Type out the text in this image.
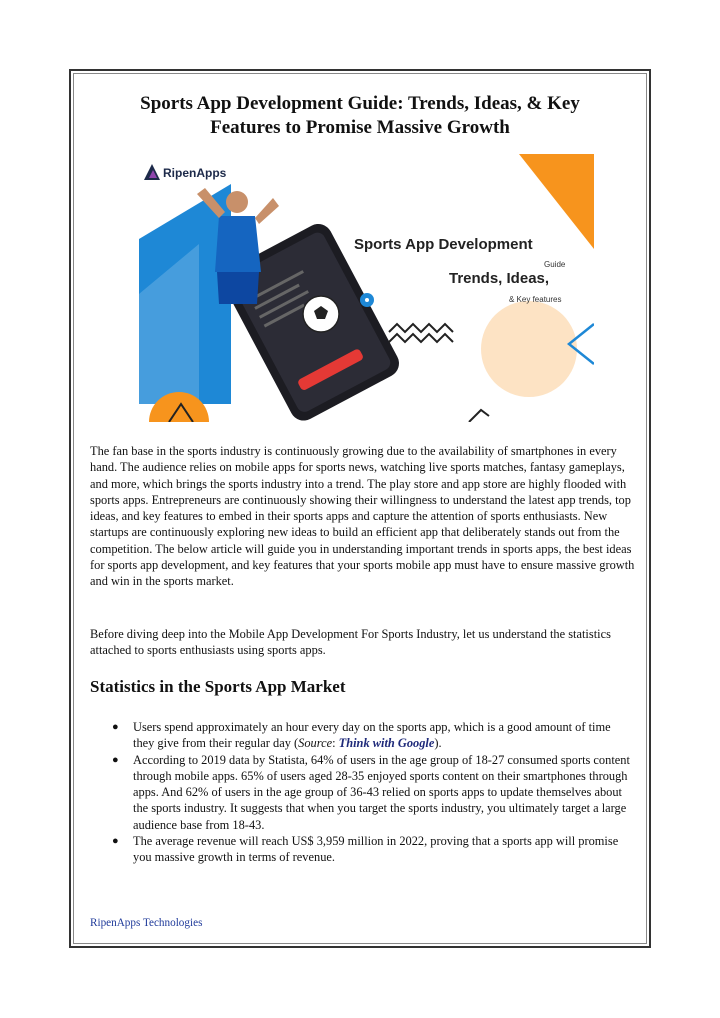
Sports App Development Guide: Trends, Ideas, & Key
Features to Promise Massive Growth
RipenApps
Sports App Development
Guide
Trends, Ideas,
& Key features

The fan base in the sports industry is continuously growing due to the availability of smartphones in every hand. The audience relies on mobile apps for sports news, watching live sports matches, fantasy gameplays, and more, which brings the sports industry into a trend. The play store and app store are highly flooded with sports apps. Entrepreneurs are continuously showing their willingness to understand the latest app trends, top ideas, and key features to embed in their sports apps and capture the attention of sports enthusiasts. New startups are continuously exploring new ideas to build an efficient app that deliberately stands out from the competition. The below article will guide you in understanding important trends in sports apps, the best ideas for sports app development, and key features that your sports mobile app must have to ensure massive growth and win in the sports market.

Before diving deep into the Mobile App Development For Sports Industry, let us understand the statistics attached to sports enthusiasts using sports apps.

Statistics in the Sports App Market
● Users spend approximately an hour every day on the sports app, which is a good amount of time they give from their regular day (Source: Think with Google).
● According to 2019 data by Statista, 64% of users in the age group of 18-27 consumed sports content through mobile apps. 65% of users aged 28-35 enjoyed sports content on their smartphones through apps. And 62% of users in the age group of 36-43 relied on sports apps to update themselves about the sports industry. It suggests that when you target the sports industry, you ultimately target a large audience base from 18-43.
● The average revenue will reach US$ 3,959 million in 2022, proving that a sports app will promise you massive growth in terms of revenue.
RipenApps Technologies
